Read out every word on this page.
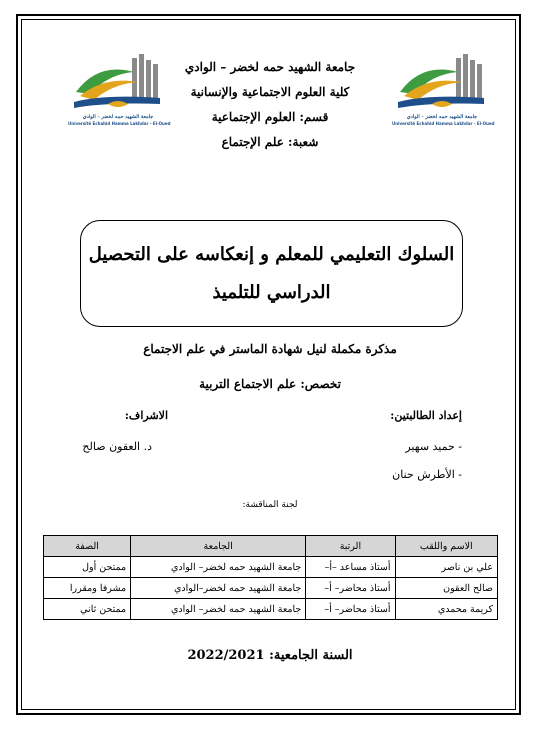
جامعة الشهيد حمه لخضر - الوادي
Université Echahid Hamma Lakhdar - El-Oued
جامعة الشهيد حمه لخضر - الوادي
Université Echahid Hamma Lakhdar - El-Oued
جامعة الشهيد حمه لخضر – الوادي
كلية العلوم الاجتماعية والإنسانية
قسم: العلوم الإجتماعية
شعبة: علم الإجتماع
السلوك التعليمي للمعلم و إنعكاسه على التحصيل
الدراسي للتلميذ
مذكرة مكملة لنيل شهادة الماستر في علم الاجتماع
تخصص: علم الاجتماع التربية
إعداد الطالبتين:
الاشراف:
- حميد سهير
- الأطرش حنان
د. العقون صالح
لجنة المناقشة:
الاسم واللقب	الرتبة	الجامعة	الصفة
علي بن ناصر	أستاذ مساعد –أ–	جامعة الشهيد حمه لخضر– الوادي	ممتحن أول
صالح العقون	أستاذ محاضر– أ–	جامعة الشهيد حمه لخضر–الوادي	مشرفا ومقررا
كريمة محمدي	أستاذ محاضر– أ–	جامعة الشهيد حمه لخضر– الوادي	ممتحن ثاني
السنة الجامعية: 2022/2021
